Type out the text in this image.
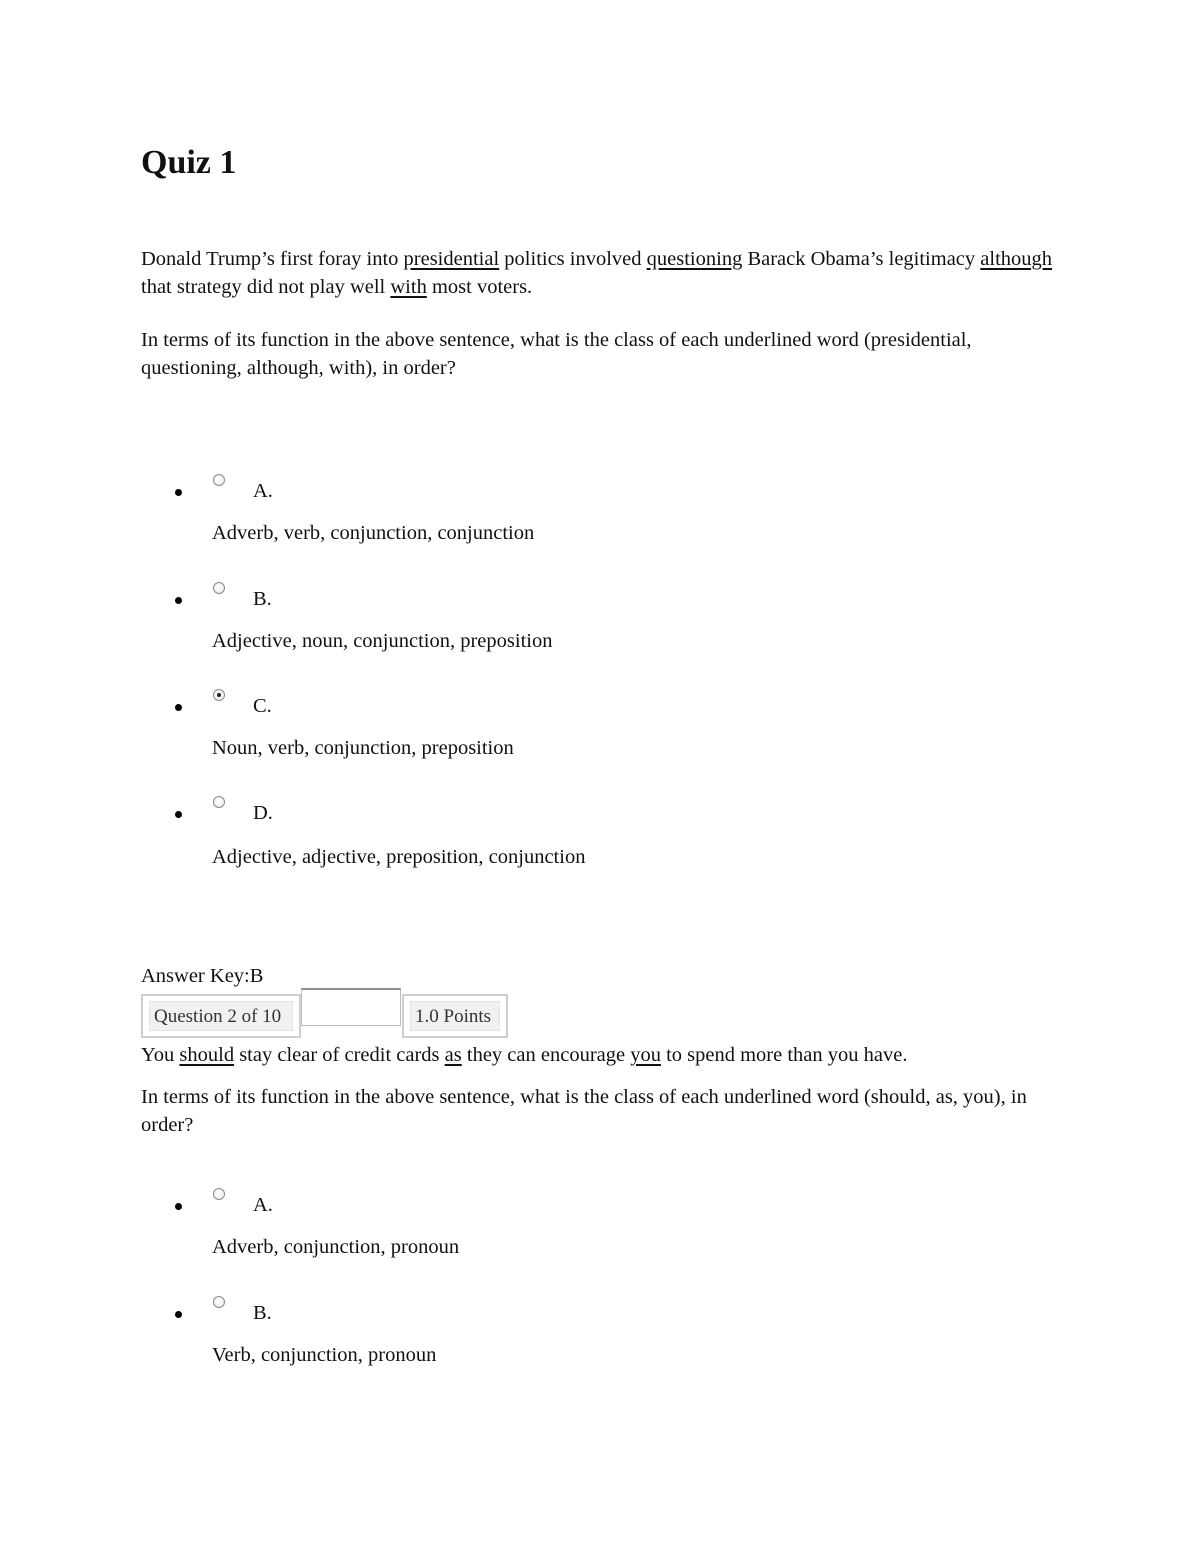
Quiz 1

Donald Trump’s first foray into presidential politics involved questioning Barack Obama’s legitimacy although that strategy did not play well with most voters.

In terms of its function in the above sentence, what is the class of each underlined word (presidential, questioning, although, with), in order?

A.
Adverb, verb, conjunction, conjunction
B.
Adjective, noun, conjunction, preposition
C.
Noun, verb, conjunction, preposition
D.
Adjective, adjective, preposition, conjunction
Answer Key:B
Question 2 of 10	1.0 Points

You should stay clear of credit cards as they can encourage you to spend more than you have.

In terms of its function in the above sentence, what is the class of each underlined word (should, as, you), in order?

A.
Adverb, conjunction, pronoun
B.
Verb, conjunction, pronoun
